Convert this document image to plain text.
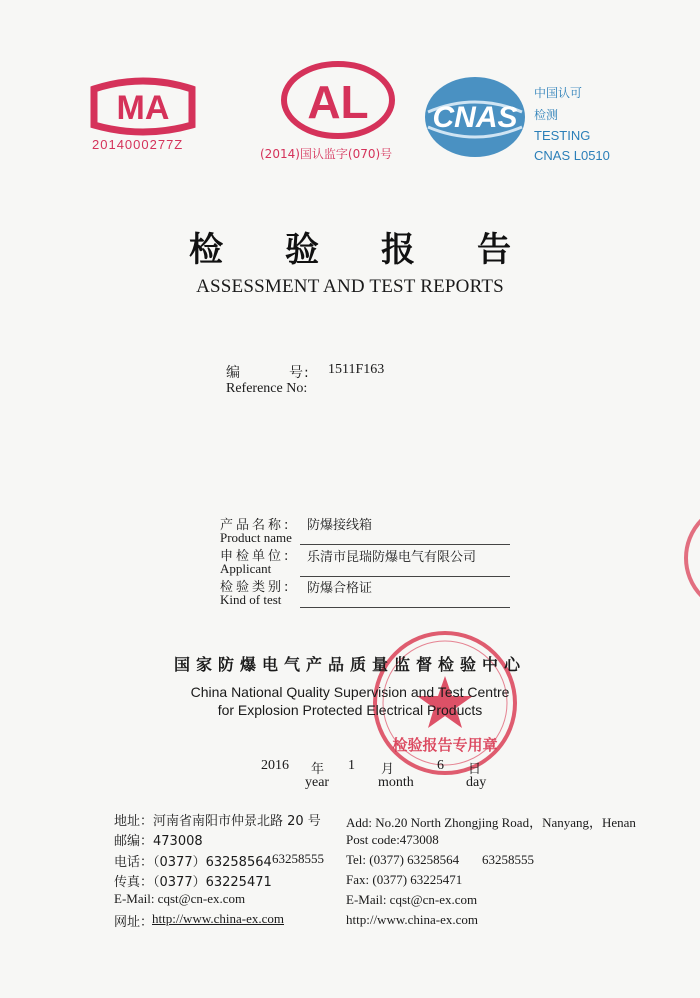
MA
2014000277Z
AL
(2014)国认监字(070)号
CNAS
中国认可
检测
TESTING
CNAS L0510
检验报告
ASSESSMENT AND TEST REPORTS
编	号: 1511F163
Reference No:
产品名称:
Product name
防爆接线箱
申检单位:
Applicant
乐清市昆瑞防爆电气有限公司
检验类别:
Kind of test
防爆合格证
检验报告专用章
国家防爆电气产品质量监督检验中心
China National Quality Supervision and Test Centre
for Explosion Protected Electrical Products
2016 年
year
1 月
month
6 日
day
地址：河南省南阳市仲景北路 20 号
邮编：473008
电话：（0377）63258564 63258555
传真：（0377）63225471
E-Mail: cqst@cn-ex.com
网址：
http://www.china-ex.com
Add: No.20 North Zhongjing Road，Nanyang，Henan
Post code:473008
Tel: (0377) 63258564 63258555
Fax: (0377) 63225471
E-Mail: cqst@cn-ex.com
http://www.china-ex.com
